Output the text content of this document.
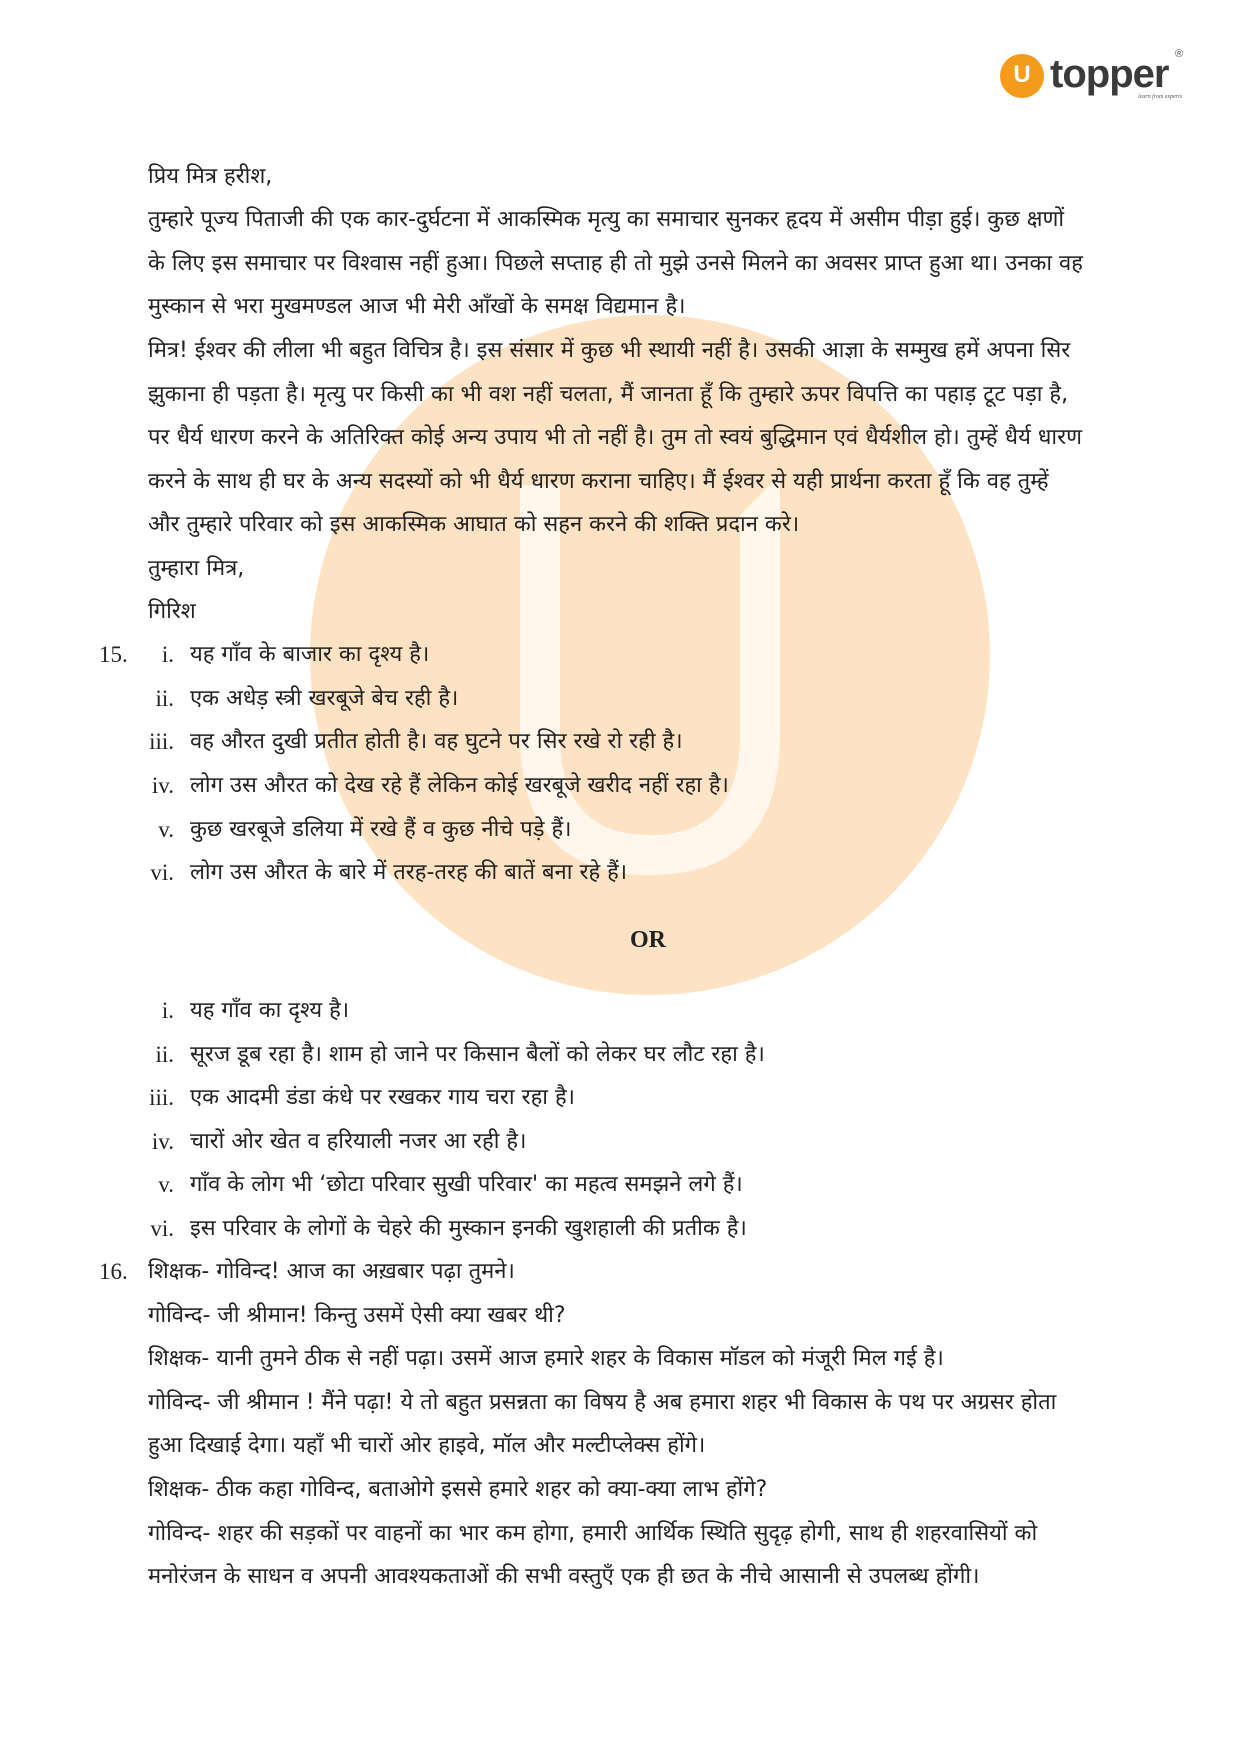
U topper ®
learn from experts
प्रिय मित्र हरीश,
तुम्हारे पूज्य पिताजी की एक कार-दुर्घटना में आकस्मिक मृत्यु का समाचार सुनकर हृदय में असीम पीड़ा हुई। कुछ क्षणों
के लिए इस समाचार पर विश्वास नहीं हुआ। पिछले सप्ताह ही तो मुझे उनसे मिलने का अवसर प्राप्त हुआ था। उनका वह
मुस्कान से भरा मुखमण्डल आज भी मेरी आँखों के समक्ष विद्यमान है।
मित्र! ईश्वर की लीला भी बहुत विचित्र है। इस संसार में कुछ भी स्थायी नहीं है। उसकी आज्ञा के सम्मुख हमें अपना सिर
झुकाना ही पड़ता है। मृत्यु पर किसी का भी वश नहीं चलता, मैं जानता हूँ कि तुम्हारे ऊपर विपत्ति का पहाड़ टूट पड़ा है,
पर धैर्य धारण करने के अतिरिक्त कोई अन्य उपाय भी तो नहीं है। तुम तो स्वयं बुद्धिमान एवं धैर्यशील हो। तुम्हें धैर्य धारण
करने के साथ ही घर के अन्य सदस्यों को भी धैर्य धारण कराना चाहिए। मैं ईश्वर से यही प्रार्थना करता हूँ कि वह तुम्हें
और तुम्हारे परिवार को इस आकस्मिक आघात को सहन करने की शक्ति प्रदान करे।
तुम्हारा मित्र,
गिरिश
15.	i. यह गाँव के बाजार का दृश्य है।
ii. एक अधेड़ स्त्री खरबूजे बेच रही है।
iii. वह औरत दुखी प्रतीत होती है। वह घुटने पर सिर रखे रो रही है।
iv. लोग उस औरत को देख रहे हैं लेकिन कोई खरबूजे खरीद नहीं रहा है।
v. कुछ खरबूजे डलिया में रखे हैं व कुछ नीचे पड़े हैं।
vi. लोग उस औरत के बारे में तरह-तरह की बातें बना रहे हैं।
OR
i. यह गाँव का दृश्य है।
ii. सूरज डूब रहा है। शाम हो जाने पर किसान बैलों को लेकर घर लौट रहा है।
iii. एक आदमी डंडा कंधे पर रखकर गाय चरा रहा है।
iv. चारों ओर खेत व हरियाली नजर आ रही है।
v. गाँव के लोग भी ‘छोटा परिवार सुखी परिवार' का महत्व समझने लगे हैं।
vi. इस परिवार के लोगों के चेहरे की मुस्कान इनकी खुशहाली की प्रतीक है।
16. शिक्षक- गोविन्द! आज का अख़बार पढ़ा तुमने।
गोविन्द- जी श्रीमान! किन्तु उसमें ऐसी क्या खबर थी?
शिक्षक- यानी तुमने ठीक से नहीं पढ़ा। उसमें आज हमारे शहर के विकास मॉडल को मंजूरी मिल गई है।
गोविन्द- जी श्रीमान ! मैंने पढ़ा! ये तो बहुत प्रसन्नता का विषय है अब हमारा शहर भी विकास के पथ पर अग्रसर होता
हुआ दिखाई देगा। यहाँ भी चारों ओर हाइवे, मॉल और मल्टीप्लेक्स होंगे।
शिक्षक- ठीक कहा गोविन्द, बताओगे इससे हमारे शहर को क्या-क्या लाभ होंगे?
गोविन्द- शहर की सड़कों पर वाहनों का भार कम होगा, हमारी आर्थिक स्थिति सुदृढ़ होगी, साथ ही शहरवासियों को
मनोरंजन के साधन व अपनी आवश्यकताओं की सभी वस्तुएँ एक ही छत के नीचे आसानी से उपलब्ध होंगी।
